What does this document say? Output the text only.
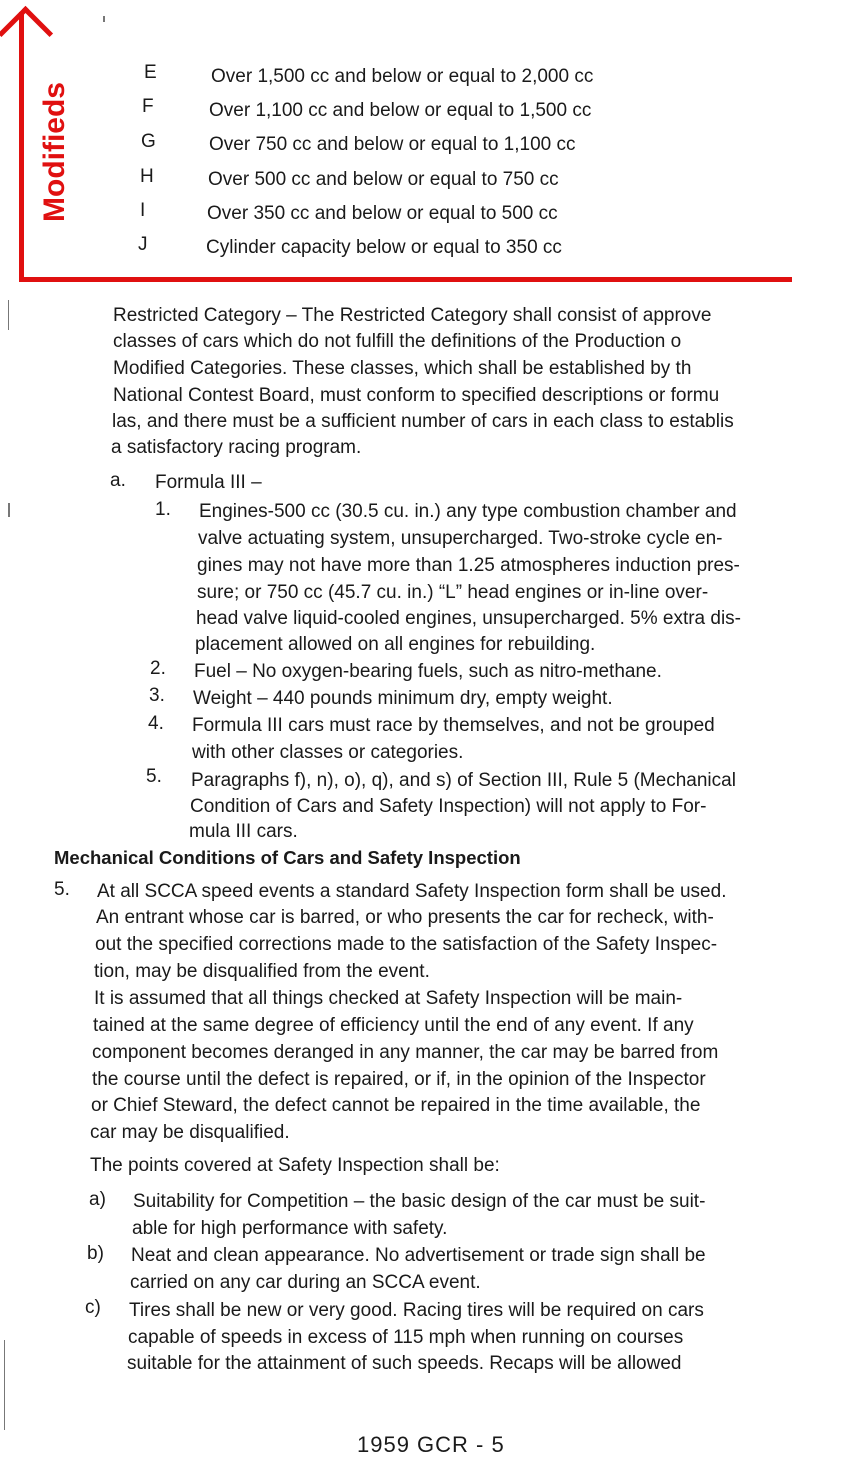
Modifieds
E	Over 1,500 cc and below or equal to 2,000 cc
F	Over 1,100 cc and below or equal to 1,500 cc
G	Over 750 cc and below or equal to 1,100 cc
H	Over 500 cc and below or equal to 750 cc
I	Over 350 cc and below or equal to 500 cc
J	Cylinder capacity below or equal to 350 cc
Restricted Category – The Restricted Category shall consist of approve
classes of cars which do not fulfill the definitions of the Production o
Modified Categories. These classes, which shall be established by th
National Contest Board, must conform to specified descriptions or formu
las, and there must be a sufficient number of cars in each class to establis
a satisfactory racing program.
a. Formula III –
1. Engines-500 cc (30.5 cu. in.) any type combustion chamber and
valve actuating system, unsupercharged. Two-stroke cycle en-
gines may not have more than 1.25 atmospheres induction pres-
sure; or 750 cc (45.7 cu. in.) “L” head engines or in-line over-
head valve liquid-cooled engines, unsupercharged. 5% extra dis-
placement allowed on all engines for rebuilding.
2. Fuel – No oxygen-bearing fuels, such as nitro-methane.
3. Weight – 440 pounds minimum dry, empty weight.
4. Formula III cars must race by themselves, and not be grouped
with other classes or categories.
5. Paragraphs f), n), o), q), and s) of Section III, Rule 5 (Mechanical
Condition of Cars and Safety Inspection) will not apply to For-
mula III cars.
Mechanical Conditions of Cars and Safety Inspection
5. At all SCCA speed events a standard Safety Inspection form shall be used.
An entrant whose car is barred, or who presents the car for recheck, with-
out the specified corrections made to the satisfaction of the Safety Inspec-
tion, may be disqualified from the event.
It is assumed that all things checked at Safety Inspection will be main-
tained at the same degree of efficiency until the end of any event. If any
component becomes deranged in any manner, the car may be barred from
the course until the defect is repaired, or if, in the opinion of the Inspector
or Chief Steward, the defect cannot be repaired in the time available, the
car may be disqualified.
The points covered at Safety Inspection shall be:
a) Suitability for Competition – the basic design of the car must be suit-
able for high performance with safety.
b) Neat and clean appearance. No advertisement or trade sign shall be
carried on any car during an SCCA event.
c) Tires shall be new or very good. Racing tires will be required on cars
capable of speeds in excess of 115 mph when running on courses
suitable for the attainment of such speeds. Recaps will be allowed
1959 GCR - 5
